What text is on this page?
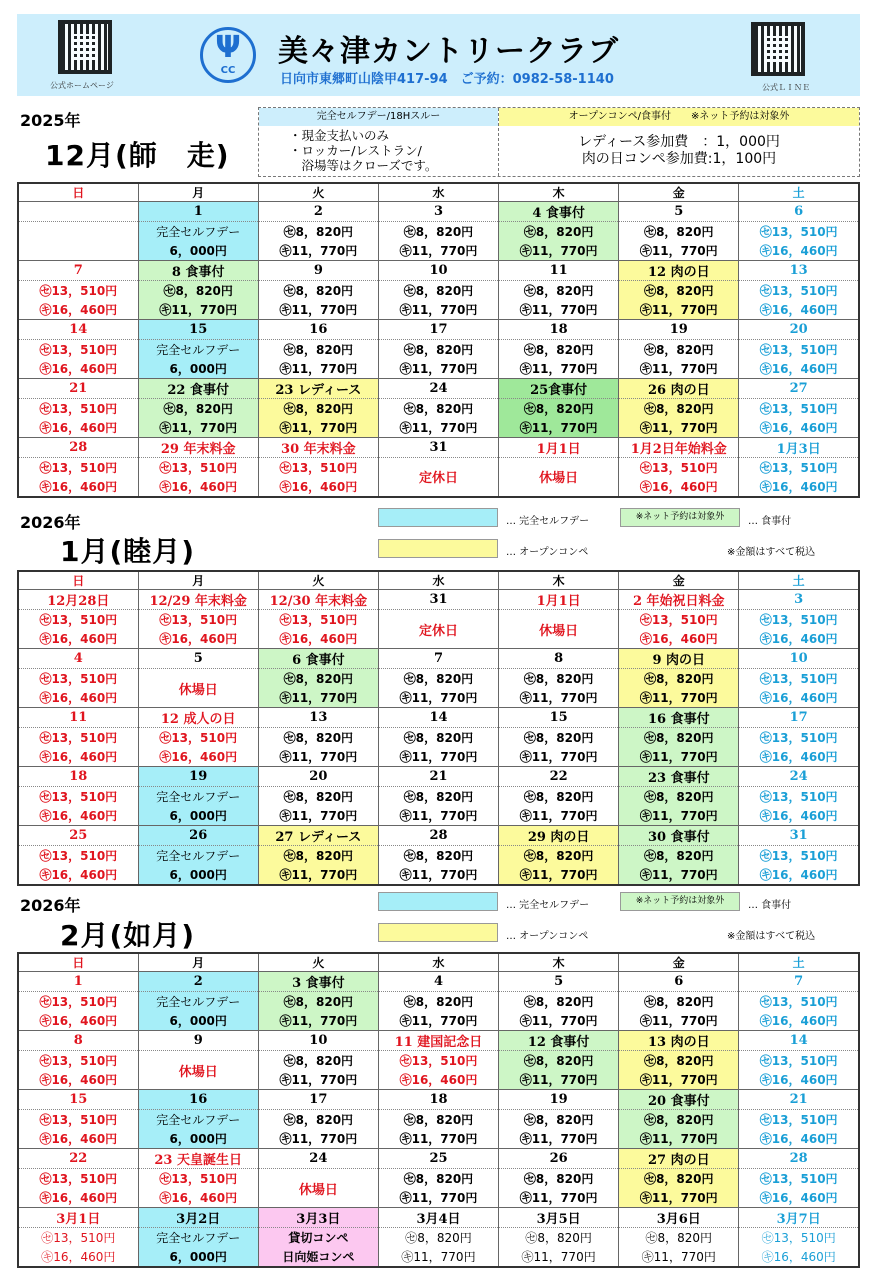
公式ホームページ
Ψ
CC
美々津カントリークラブ
日向市東郷町山陰甲417-94　ご予約：0982-58-1140
公式ＬＩＮＥ
完全セルフデー/18Hスルー
・現金支払いのみ
・ロッカー/レストラン/
　浴場等はクローズです。
オープンコンペ/食事付　　※ネット予約は対象外
レディース参加費　：1，000円
肉の日コンペ参加費:1，100円
2025年
12月(師　走)
日	月	火	水	木	金	土
	1	2	3	4 食事付	5	6
	完全セルフデー	㋝8，820円	㋝8，820円	㋝8，820円	㋝8，820円	㋝13，510円
	6，000円	㋖11，770円	㋖11，770円	㋖11，770円	㋖11，770円	㋖16，460円
7	8 食事付	9	10	11	12 肉の日	13
㋝13，510円	㋝8，820円	㋝8，820円	㋝8，820円	㋝8，820円	㋝8，820円	㋝13，510円
㋖16，460円	㋖11，770円	㋖11，770円	㋖11，770円	㋖11，770円	㋖11，770円	㋖16，460円
14	15	16	17	18	19	20
㋝13，510円	完全セルフデー	㋝8，820円	㋝8，820円	㋝8，820円	㋝8，820円	㋝13，510円
㋖16，460円	6，000円	㋖11，770円	㋖11，770円	㋖11，770円	㋖11，770円	㋖16，460円
21	22 食事付	23 レディース	24	25食事付	26 肉の日	27
㋝13，510円	㋝8，820円	㋝8，820円	㋝8，820円	㋝8，820円	㋝8，820円	㋝13，510円
㋖16，460円	㋖11，770円	㋖11，770円	㋖11，770円	㋖11，770円	㋖11，770円	㋖16，460円
28	29 年末料金	30 年末料金	31	1月1日	1月2日年始料金	1月3日
㋝13，510円	㋝13，510円	㋝13，510円	定休日	休場日	㋝13，510円	㋝13，510円
㋖16，460円	㋖16，460円	㋖16，460円			㋖16，460円	㋖16，460円
2026年
1月(睦月)
… 完全セルフデー	※ネット予約は対象外	… 食事付
… オープンコンペ	※金額はすべて税込
日	月	火	水	木	金	土
12月28日	12/29 年末料金	12/30 年末料金	31	1月1日	2 年始祝日料金	3
㋝13，510円	㋝13，510円	㋝13，510円	定休日	休場日	㋝13，510円	㋝13，510円
㋖16，460円	㋖16，460円	㋖16，460円			㋖16，460円	㋖16，460円
4	5	6 食事付	7	8	9 肉の日	10
㋝13，510円	休場日	㋝8，820円	㋝8，820円	㋝8，820円	㋝8，820円	㋝13，510円
㋖16，460円		㋖11，770円	㋖11，770円	㋖11，770円	㋖11，770円	㋖16，460円
11	12 成人の日	13	14	15	16 食事付	17
㋝13，510円	㋝13，510円	㋝8，820円	㋝8，820円	㋝8，820円	㋝8，820円	㋝13，510円
㋖16，460円	㋖16，460円	㋖11，770円	㋖11，770円	㋖11，770円	㋖11，770円	㋖16，460円
18	19	20	21	22	23 食事付	24
㋝13，510円	完全セルフデー	㋝8，820円	㋝8，820円	㋝8，820円	㋝8，820円	㋝13，510円
㋖16，460円	6，000円	㋖11，770円	㋖11，770円	㋖11，770円	㋖11，770円	㋖16，460円
25	26	27 レディース	28	29 肉の日	30 食事付	31
㋝13，510円	完全セルフデー	㋝8，820円	㋝8，820円	㋝8，820円	㋝8，820円	㋝13，510円
㋖16，460円	6，000円	㋖11，770円	㋖11，770円	㋖11，770円	㋖11，770円	㋖16，460円
2026年
2月(如月)
… 完全セルフデー	※ネット予約は対象外	… 食事付
… オープンコンペ	※金額はすべて税込
日	月	火	水	木	金	土
1	2	3 食事付	4	5	6	7
㋝13，510円	完全セルフデー	㋝8，820円	㋝8，820円	㋝8，820円	㋝8，820円	㋝13，510円
㋖16，460円	6，000円	㋖11，770円	㋖11，770円	㋖11，770円	㋖11，770円	㋖16，460円
8	9	10	11 建国記念日	12 食事付	13 肉の日	14
㋝13，510円	休場日	㋝8，820円	㋝13，510円	㋝8，820円	㋝8，820円	㋝13，510円
㋖16，460円		㋖11，770円	㋖16，460円	㋖11，770円	㋖11，770円	㋖16，460円
15	16	17	18	19	20 食事付	21
㋝13，510円	完全セルフデー	㋝8，820円	㋝8，820円	㋝8，820円	㋝8，820円	㋝13，510円
㋖16，460円	6，000円	㋖11，770円	㋖11，770円	㋖11，770円	㋖11，770円	㋖16，460円
22	23 天皇誕生日	24	25	26	27 肉の日	28
㋝13，510円	㋝13，510円	休場日	㋝8，820円	㋝8，820円	㋝8，820円	㋝13，510円
㋖16，460円	㋖16，460円		㋖11，770円	㋖11，770円	㋖11，770円	㋖16，460円
3月1日	3月2日	3月3日	3月4日	3月5日	3月6日	3月7日
㋝13，510円	完全セルフデー	貸切コンペ	㋝8，820円	㋝8，820円	㋝8，820円	㋝13，510円
㋖16，460円	6，000円	日向姫コンペ	㋖11，770円	㋖11，770円	㋖11，770円	㋖16，460円
